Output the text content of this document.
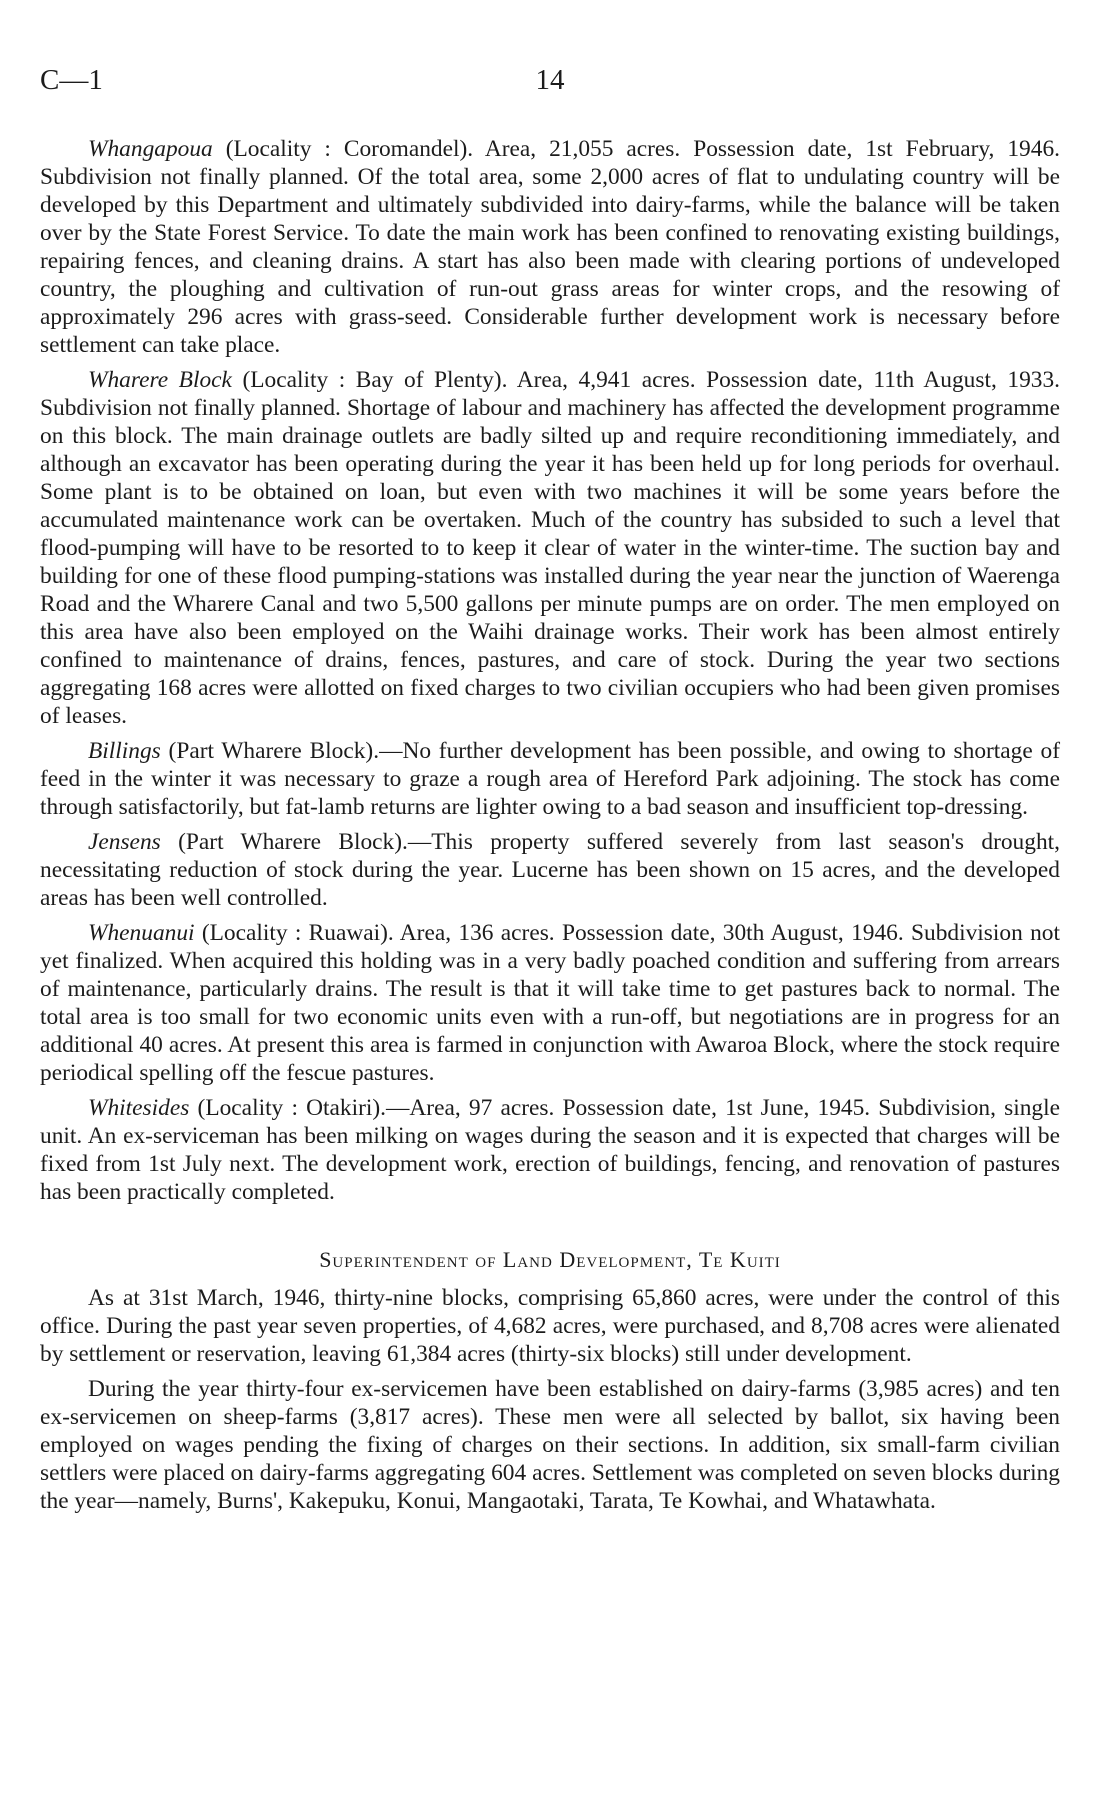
C—1	14

Whangapoua (Locality : Coromandel). Area, 21,055 acres. Possession date, 1st February, 1946. Subdivision not finally planned. Of the total area, some 2,000 acres of flat to undulating country will be developed by this Department and ultimately subdivided into dairy-farms, while the balance will be taken over by the State Forest Service. To date the main work has been confined to renovating existing buildings, repairing fences, and cleaning drains. A start has also been made with clearing portions of undeveloped country, the ploughing and cultivation of run-out grass areas for winter crops, and the resowing of approximately 296 acres with grass-seed. Considerable further development work is necessary before settlement can take place.

Wharere Block (Locality : Bay of Plenty). Area, 4,941 acres. Possession date, 11th August, 1933. Subdivision not finally planned. Shortage of labour and machinery has affected the development programme on this block. The main drainage outlets are badly silted up and require reconditioning immediately, and although an excavator has been operating during the year it has been held up for long periods for overhaul. Some plant is to be obtained on loan, but even with two machines it will be some years before the accumulated maintenance work can be overtaken. Much of the country has subsided to such a level that flood-pumping will have to be resorted to to keep it clear of water in the winter-time. The suction bay and building for one of these flood pumping-stations was installed during the year near the junction of Waerenga Road and the Wharere Canal and two 5,500 gallons per minute pumps are on order. The men employed on this area have also been employed on the Waihi drainage works. Their work has been almost entirely confined to maintenance of drains, fences, pastures, and care of stock. During the year two sections aggregating 168 acres were allotted on fixed charges to two civilian occupiers who had been given promises of leases.

Billings (Part Wharere Block).—No further development has been possible, and owing to shortage of feed in the winter it was necessary to graze a rough area of Hereford Park adjoining. The stock has come through satisfactorily, but fat-lamb returns are lighter owing to a bad season and insufficient top-dressing.

Jensens (Part Wharere Block).—This property suffered severely from last season's drought, necessitating reduction of stock during the year. Lucerne has been shown on 15 acres, and the developed areas has been well controlled.

Whenuanui (Locality : Ruawai). Area, 136 acres. Possession date, 30th August, 1946. Subdivision not yet finalized. When acquired this holding was in a very badly poached condition and suffering from arrears of maintenance, particularly drains. The result is that it will take time to get pastures back to normal. The total area is too small for two economic units even with a run-off, but negotiations are in progress for an additional 40 acres. At present this area is farmed in conjunction with Awaroa Block, where the stock require periodical spelling off the fescue pastures.

Whitesides (Locality : Otakiri).—Area, 97 acres. Possession date, 1st June, 1945. Subdivision, single unit. An ex-serviceman has been milking on wages during the season and it is expected that charges will be fixed from 1st July next. The development work, erection of buildings, fencing, and renovation of pastures has been practically completed.

Superintendent of Land Development, Te Kuiti

As at 31st March, 1946, thirty-nine blocks, comprising 65,860 acres, were under the control of this office. During the past year seven properties, of 4,682 acres, were purchased, and 8,708 acres were alienated by settlement or reservation, leaving 61,384 acres (thirty-six blocks) still under development.

During the year thirty-four ex-servicemen have been established on dairy-farms (3,985 acres) and ten ex-servicemen on sheep-farms (3,817 acres). These men were all selected by ballot, six having been employed on wages pending the fixing of charges on their sections. In addition, six small-farm civilian settlers were placed on dairy-farms aggregating 604 acres. Settlement was completed on seven blocks during the year—namely, Burns', Kakepuku, Konui, Mangaotaki, Tarata, Te Kowhai, and Whatawhata.
